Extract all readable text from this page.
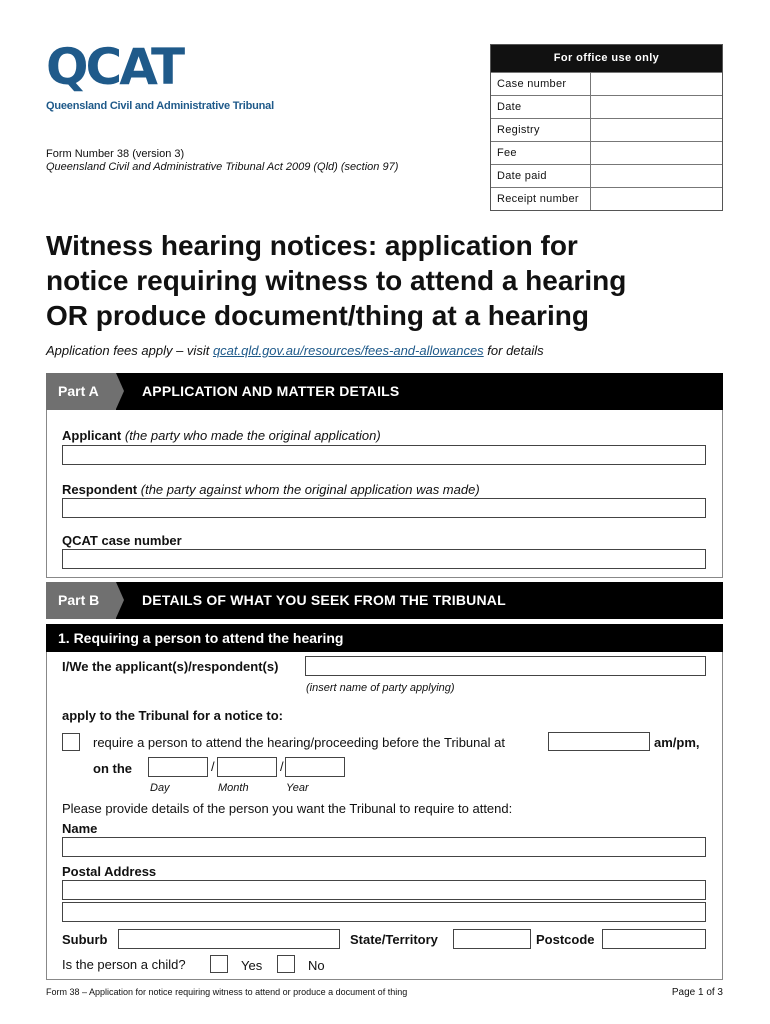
QCAT
Queensland Civil and Administrative Tribunal
Form Number 38 (version 3)
Queensland Civil and Administrative Tribunal Act 2009 (Qld) (section 97)
For office use only
Case number
Date
Registry
Fee
Date paid
Receipt number
Witness hearing notices: application for
notice requiring witness to attend a hearing
OR produce document/thing at a hearing
Application fees apply – visit qcat.qld.gov.au/resources/fees-and-allowances for details
Part A	APPLICATION AND MATTER DETAILS
Applicant (the party who made the original application)
Respondent (the party against whom the original application was made)
QCAT case number
Part B	DETAILS OF WHAT YOU SEEK FROM THE TRIBUNAL
1. Requiring a person to attend the hearing
I/We the applicant(s)/respondent(s)
(insert name of party applying)
apply to the Tribunal for a notice to:
require a person to attend the hearing/proceeding before the Tribunal at	am/pm,
on the	/	/
Day	Month	Year
Please provide details of the person you want the Tribunal to require to attend:
Name
Postal Address
Suburb	State/Territory	Postcode
Is the person a child?	Yes	No
Form 38 – Application for notice requiring witness to attend or produce a document of thing	Page 1 of 3
